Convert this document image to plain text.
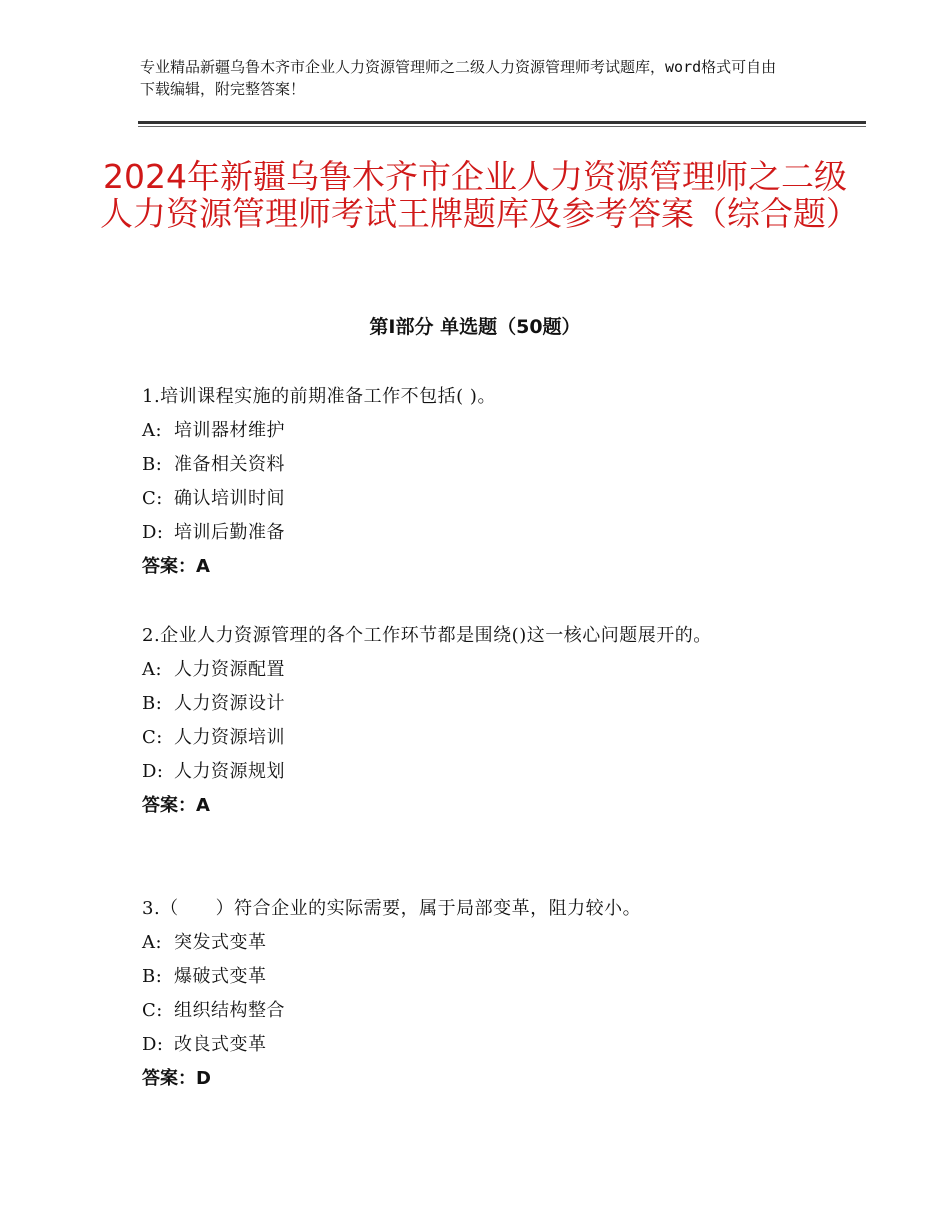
专业精品新疆乌鲁木齐市企业人力资源管理师之二级人力资源管理师考试题库，word格式可自由下载编辑，附完整答案！
2024年新疆乌鲁木齐市企业人力资源管理师之二级人力资源管理师考试王牌题库及参考答案（综合题）
第Ⅰ部分 单选题（50题）

1.培训课程实施的前期准备工作不包括( )。

A: 培训器材维护

B: 准备相关资料

C: 确认培训时间

D: 培训后勤准备

答案：A

2.企业人力资源管理的各个工作环节都是围绕()这一核心问题展开的。

A: 人力资源配置

B: 人力资源设计

C: 人力资源培训

D: 人力资源规划

答案：A

3.（　　）符合企业的实际需要，属于局部变革，阻力较小。

A: 突发式变革

B: 爆破式变革

C: 组织结构整合

D: 改良式变革

答案：D
